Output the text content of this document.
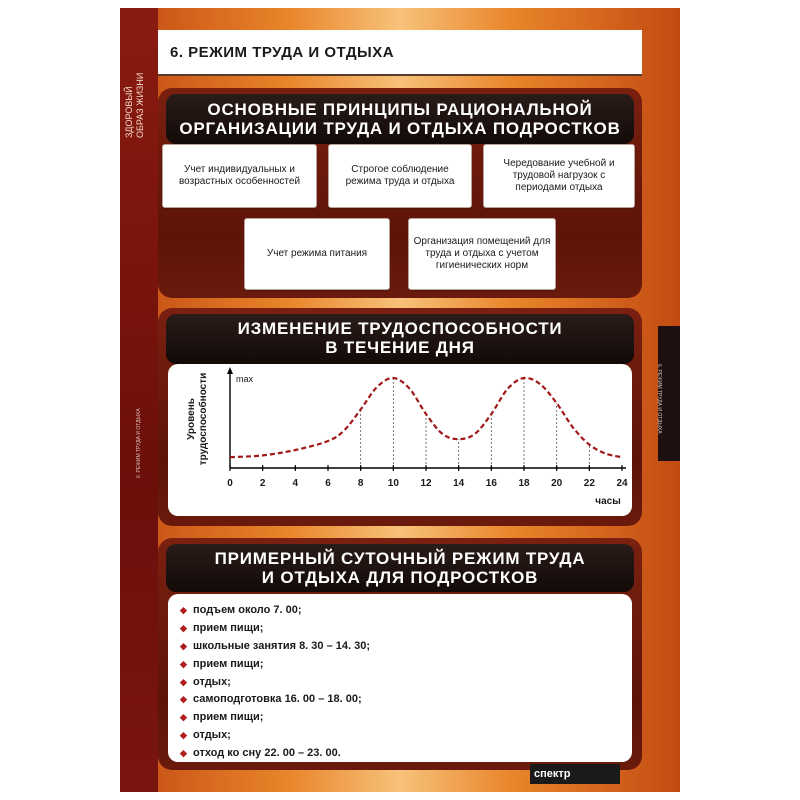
ЗДОРОВЫЙ ОБРАЗ ЖИЗНИ
6. РЕЖИМ ТРУДА И ОТДЫХА
6. РЕЖИМ ТРУДА И ОТДЫХА
6. РЕЖИМ ТРУДА И ОТДЫХА
ОСНОВНЫЕ ПРИНЦИПЫ РАЦИОНАЛЬНОЙ
ОРГАНИЗАЦИИ ТРУДА И ОТДЫХА ПОДРОСТКОВ
Учет индивидуальных и возрастных особенностей
Строгое соблюдение режима труда и отдыха
Чередование учебной и трудовой нагрузок с периодами отдыха
Учет режима питания
Организация помещений для труда и отдыха с учетом гигиенических норм
ИЗМЕНЕНИЕ ТРУДОСПОСОБНОСТИ
В ТЕЧЕНИЕ ДНЯ
Уровеньтрудоспособности	max
0	2	4	6	8 10 12 14 16 18 20 22 24
часы
ПРИМЕРНЫЙ СУТОЧНЫЙ РЕЖИМ ТРУДА
И ОТДЫХА ДЛЯ ПОДРОСТКОВ
◆ подъем около 7. 00;
◆ прием пищи;
◆ школьные занятия 8. 30 – 14. 30;
◆ прием пищи;
◆ отдых;
◆ самоподготовка 16. 00 – 18. 00;
◆ прием пищи;
◆ отдых;
◆ отход ко сну 22. 00 – 23. 00.
спектр
